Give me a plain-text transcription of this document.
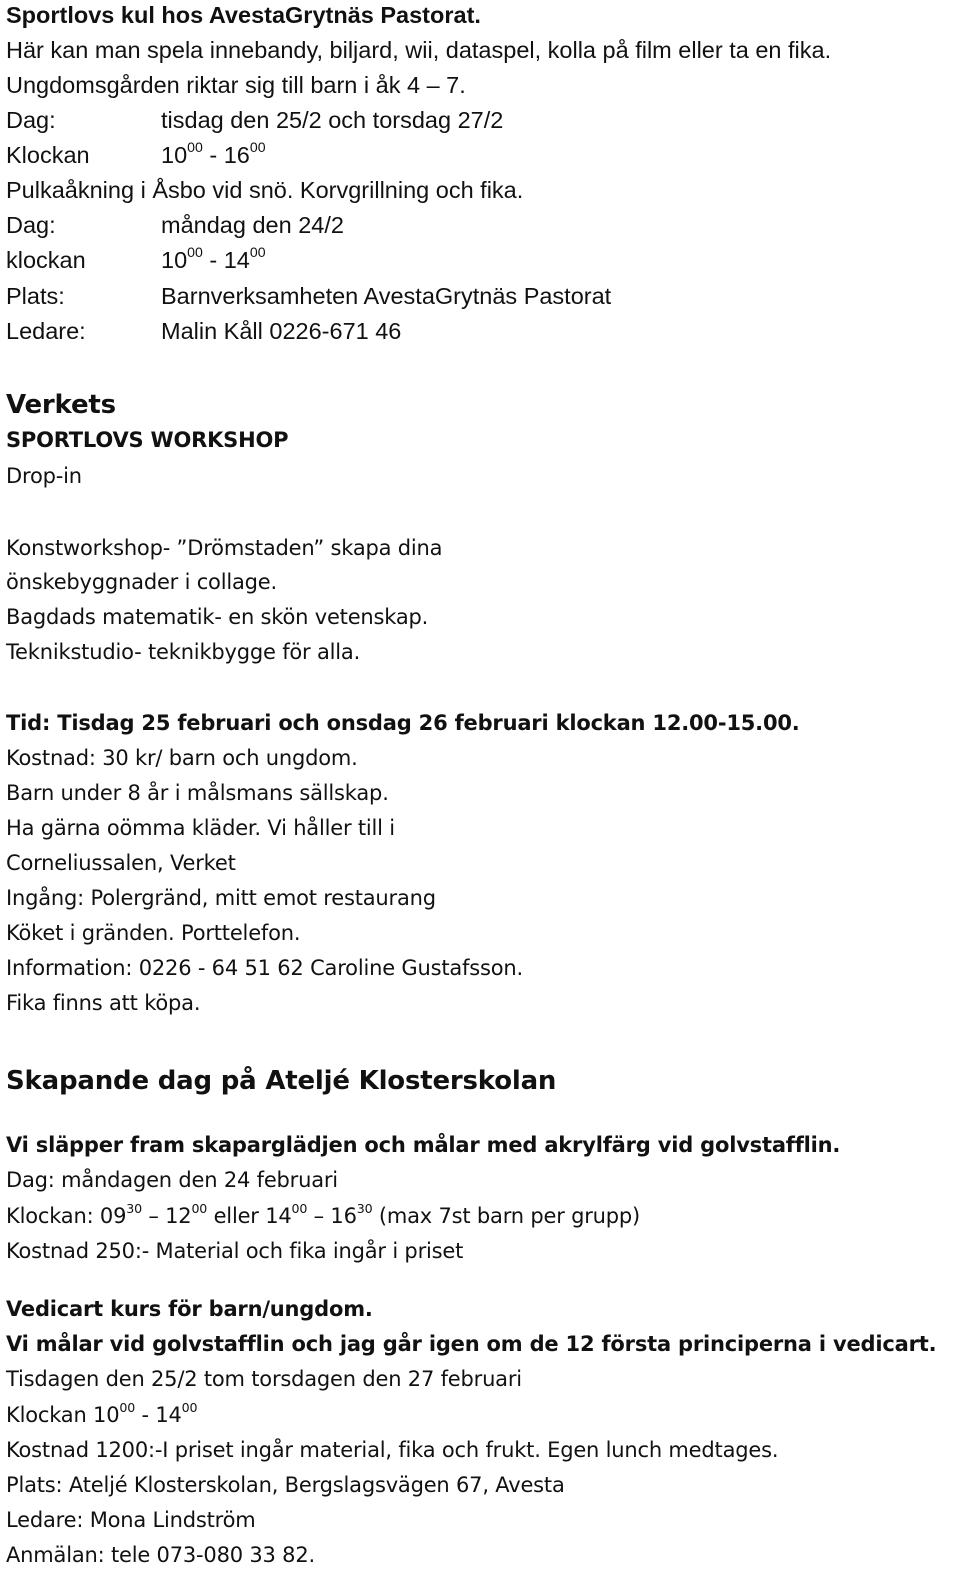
Sportlovs kul hos AvestaGrytnäs Pastorat.
Här kan man spela innebandy, biljard, wii, dataspel, kolla på film eller ta en fika.
Ungdomsgården riktar sig till barn i åk 4 – 7.
Dag:	tisdag den 25/2 och torsdag 27/2
Klockan	$10^{00} - 16^{00}$
Pulkaåkning i Åsbo vid snö. Korvgrillning och fika.
Dag:	måndag den 24/2
klockan	$10^{00} - 14^{00}$
Plats:	Barnverksamheten AvestaGrytnäs Pastorat
Ledare:	Malin Kåll 0226-671 46
Verkets
SPORTLOVS WORKSHOP
Drop-in
Konstworkshop- ”Drömstaden” skapa dina
önskebyggnader i collage.
Bagdads matematik- en skön vetenskap.
Teknikstudio- teknikbygge för alla.
Tid: Tisdag 25 februari och onsdag 26 februari klockan 12.00-15.00.
Kostnad: 30 kr/ barn och ungdom.
Barn under 8 år i målsmans sällskap.
Ha gärna oömma kläder. Vi håller till i
Corneliussalen, Verket
Ingång: Polergränd, mitt emot restaurang
Köket i gränden. Porttelefon.
Information: 0226 - 64 51 62 Caroline Gustafsson.
Fika finns att köpa.
Skapande dag på Ateljé Klosterskolan
Vi släpper fram skaparglädjen och målar med akrylfärg vid golvstafflin.
Dag: måndagen den 24 februari
Klockan: $09^{30} - 12^{00}$ eller $14^{00} - 16^{30}$ (max 7st barn per grupp)
Kostnad 250:- Material och fika ingår i priset
Vedicart kurs för barn/ungdom.
Vi målar vid golvstafflin och jag går igen om de 12 första principerna i vedicart.
Tisdagen den 25/2 tom torsdagen den 27 februari
Klockan $10^{00} - 14^{00}$
Kostnad 1200:-I priset ingår material, fika och frukt. Egen lunch medtages.
Plats: Ateljé Klosterskolan, Bergslagsvägen 67, Avesta
Ledare: Mona Lindström
Anmälan: tele 073-080 33 82.
